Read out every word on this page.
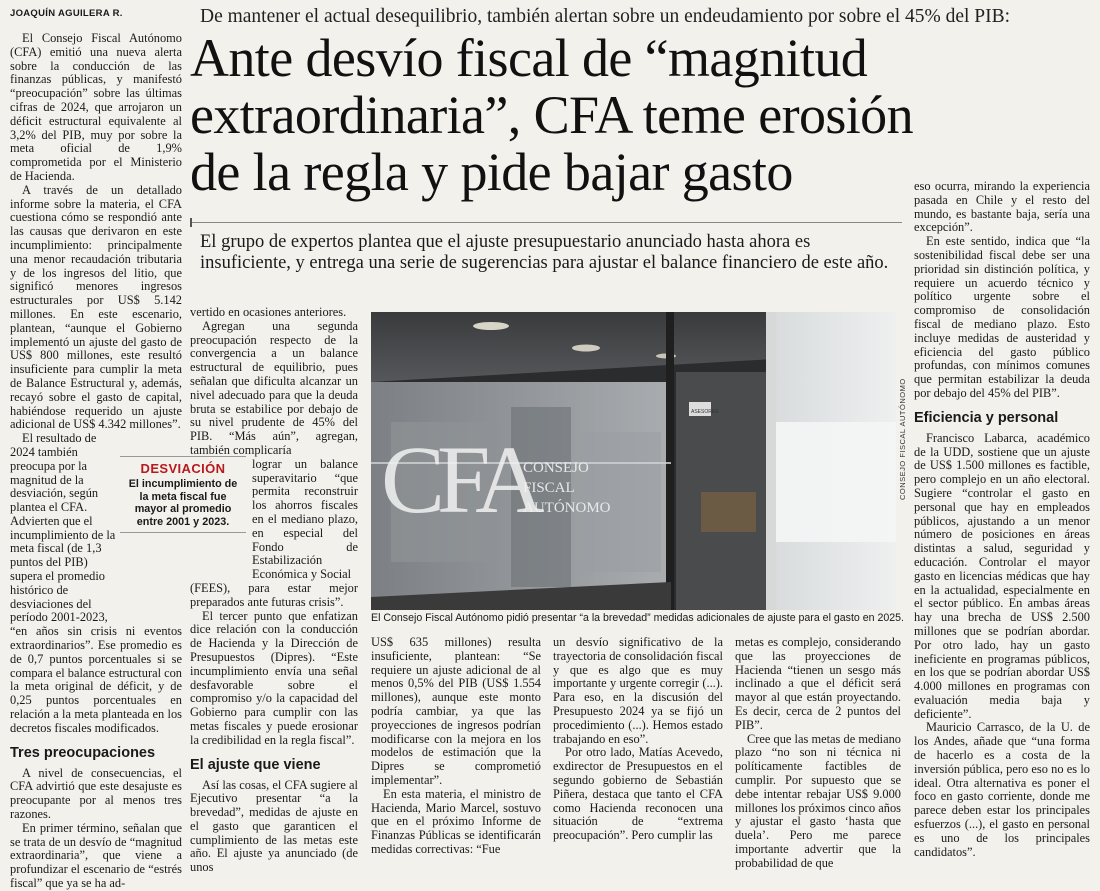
JOAQUÍN AGUILERA R.	De mantener el actual desequilibrio, también alertan sobre un endeudamiento por sobre el 45% del PIB:
Ante desvío fiscal de “magnitud
extraordinaria”, CFA teme erosión
de la regla y pide bajar gasto
El grupo de expertos plantea que el ajuste presupuestario anunciado hasta ahora es insuficiente, y entrega una serie de sugerencias para ajustar el balance financiero de este año.

El Consejo Fiscal Autónomo (CFA) emitió una nueva alerta sobre la conducción de las finanzas públicas, y manifestó “preocupación” sobre las últimas cifras de 2024, que arrojaron un déficit estructural equivalente al 3,2% del PIB, muy por sobre la meta oficial de 1,9% comprometida por el Ministerio de Hacienda.

A través de un detallado informe sobre la materia, el CFA cuestiona cómo se respondió ante las causas que derivaron en este incumplimiento: principalmente una menor recaudación tributaria y de los ingresos del litio, que significó menores ingresos estructurales por US$ 5.142 millones. En este escenario, plantean, “aunque el Gobierno implementó un ajuste del gasto de US$ 800 millones, este resultó insuficiente para cumplir la meta de Balance Estructural y, además, recayó sobre el gasto de capital, habiéndose requerido un ajuste adicional de US$ 4.342 millones”.

El resultado de 2024 también preocupa por la magnitud de la desviación, según plantea el CFA. Advierten que el incumplimiento de la meta fiscal (de 1,3 puntos del PIB) supera el promedio histórico de desviaciones del período 2001-2023,

“en años sin crisis ni eventos extraordinarios”. Ese promedio es de 0,7 puntos porcentuales si se compara el balance estructural con la meta original de déficit, y de 0,25 puntos porcentuales en relación a la meta planteada en los decretos fiscales modificados.

Tres preocupaciones

A nivel de consecuencias, el CFA advirtió que este desajuste es preocupante por al menos tres razones.

En primer término, señalan que se trata de un desvío de “magnitud extraordinaria”, que viene a profundizar el escenario de “estrés fiscal” que ya se ha ad-

DESVIACIÓN
El incumplimiento de la meta fiscal fue mayor al promedio entre 2001 y 2023.

vertido en ocasiones anteriores.

Agregan una segunda preocupación respecto de la convergencia a un balance estructural de equilibrio, pues señalan que dificulta alcanzar un nivel adecuado para que la deuda bruta se estabilice por debajo de su nivel prudente de 45% del PIB. “Más aún”, agregan, también complicaría

lograr un balance superavitario “que permita reconstruir los ahorros fiscales en el mediano plazo, en especial del Fondo de Estabilización Económica y Social

(FEES), para estar mejor preparados ante futuras crisis”.

El tercer punto que enfatizan dice relación con la conducción de Hacienda y la Dirección de Presupuestos (Dipres). “Este incumplimiento envía una señal desfavorable sobre el compromiso y/o la capacidad del Gobierno para cumplir con las metas fiscales y puede erosionar la credibilidad en la regla fiscal”.

El ajuste que viene

Así las cosas, el CFA sugiere al Ejecutivo presentar “a la brevedad”, medidas de ajuste en el gasto que garanticen el cumplimiento de las metas este año. El ajuste ya anunciado (de unos

CFA
CONSEJO
FISCAL
AUTÓNOMO
ASESORES
El Consejo Fiscal Autónomo pidió presentar “a la brevedad” medidas adicionales de ajuste para el gasto en 2025.
CONSEJO FISCAL AUTÓNOMO

US$ 635 millones) resulta insuficiente, plantean: “Se requiere un ajuste adicional de al menos 0,5% del PIB (US$ 1.554 millones), aunque este monto podría cambiar, ya que las proyecciones de ingresos podrían modificarse con la mejora en los modelos de estimación que la Dipres se comprometió implementar”.

En esta materia, el ministro de Hacienda, Mario Marcel, sostuvo que en el próximo Informe de Finanzas Públicas se identificarán medidas correctivas: “Fue

un desvío significativo de la trayectoria de consolidación fiscal y que es algo que es muy importante y urgente corregir (...). Para eso, en la discusión del Presupuesto 2024 ya se fijó un procedimiento (...). Hemos estado trabajando en eso”.

Por otro lado, Matías Acevedo, exdirector de Presupuestos en el segundo gobierno de Sebastián Piñera, destaca que tanto el CFA como Hacienda reconocen una situación de “extrema preocupación”. Pero cumplir las

metas es complejo, considerando que las proyecciones de Hacienda “tienen un sesgo más inclinado a que el déficit será mayor al que están proyectando. Es decir, cerca de 2 puntos del PIB”.

Cree que las metas de mediano plazo “no son ni técnica ni políticamente factibles de cumplir. Por supuesto que se debe intentar rebajar US$ 9.000 millones los próximos cinco años y ajustar el gasto ‘hasta que duela’. Pero me parece importante advertir que la probabilidad de que

eso ocurra, mirando la experiencia pasada en Chile y el resto del mundo, es bastante baja, sería una excepción”.

En este sentido, indica que “la sostenibilidad fiscal debe ser una prioridad sin distinción política, y requiere un acuerdo técnico y político urgente sobre el compromiso de consolidación fiscal de mediano plazo. Esto incluye medidas de austeridad y eficiencia del gasto público profundas, con mínimos comunes que permitan estabilizar la deuda por debajo del 45% del PIB”.

Eficiencia y personal

Francisco Labarca, académico de la UDD, sostiene que un ajuste de US$ 1.500 millones es factible, pero complejo en un año electoral. Sugiere “controlar el gasto en personal que hay en empleados públicos, ajustando a un menor número de posiciones en áreas distintas a salud, seguridad y educación. Controlar el mayor gasto en licencias médicas que hay en la actualidad, especialmente en el sector público. En ambas áreas hay una brecha de US$ 2.500 millones que se podrían abordar. Por otro lado, hay un gasto ineficiente en programas públicos, en los que se podrían abordar US$ 4.000 millones en programas con evaluación media baja y deficiente”.

Mauricio Carrasco, de la U. de los Andes, añade que “una forma de hacerlo es a costa de la inversión pública, pero eso no es lo ideal. Otra alternativa es poner el foco en gasto corriente, donde me parece deben estar los principales esfuerzos (...), el gasto en personal es uno de los principales candidatos”.
